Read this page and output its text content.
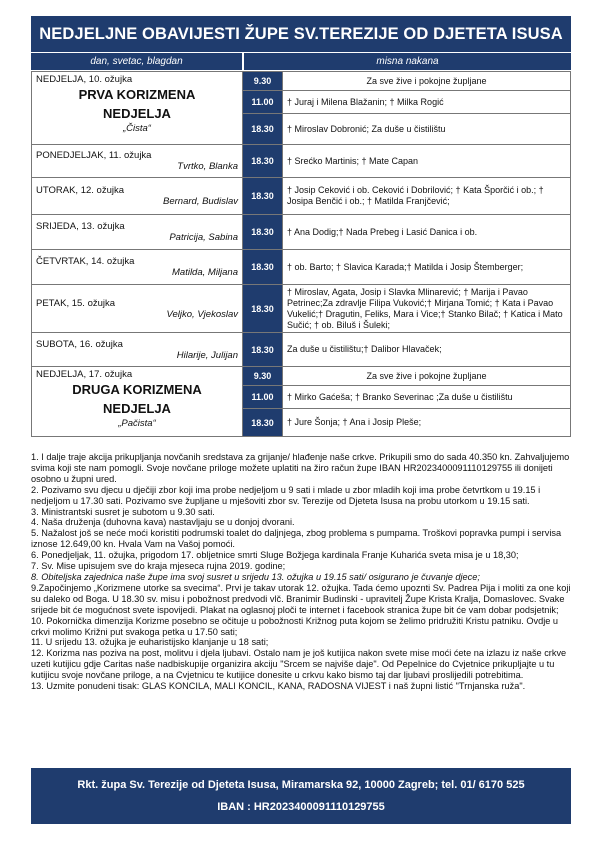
NEDJELJNE OBAVIJESTI ŽUPE SV.TEREZIJE OD DJETETA ISUSA
dan, svetac, blagdan	misna nakana
NEDJELJA, 10. ožujka
PRVA KORIZMENA NEDJELJA
„Čista“	9.30	Za sve žive i pokojne župljane
	11.00	† Juraj i Milena Blažanin; † Milka Rogić
	18.30	† Miroslav Dobronić; Za duše u čistilištu

PONEDJELJAK, 11. ožujka
Tvrtko, Blanka	18.30	† Srećko Martinis; † Mate Capan

UTORAK, 12. ožujka
Bernard, Budislav	18.30	† Josip Ceković i ob. Ceković i Dobrilović; † Kata Šporčić i ob.; † Josipa Benčić i ob.; † Matilda Franjčević;

SRIJEDA, 13. ožujka
Patricija, Sabina	18.30	† Ana Dodig;† Nada Prebeg i Lasić Danica i ob.

ČETVRTAK, 14. ožujka
Matilda, Miljana	18.30	† ob. Barto; † Slavica Karada;† Matilda i Josip Štemberger;

PETAK, 15. ožujka
Veljko, Vjekoslav	18.30	† Miroslav, Agata, Josip i Slavka Mlinarević; † Marija i Pavao Petrinec;Za zdravlje Filipa Vuković;† Mirjana Tomić; † Kata i Pavao Vukelić;† Dragutin, Feliks, Mara i Vice;† Stanko Bilač; † Katica i Mato Sučić; † ob. Biluš i Šuleki;

SUBOTA, 16. ožujka
Hilarije, Julijan	18.30	Za duše u čistilištu;† Dalibor Hlavaček;

NEDJELJA, 17. ožujka
DRUGA KORIZMENA NEDJELJA
„Pačista“	9.30	Za sve žive i pokojne župljane
	11.00	† Mirko Gaćeša; † Branko Severinac ;Za duše u čistilištu
	18.30	† Jure Šonja; † Ana i Josip Pleše;

1. I dalje traje akcija prikupljanja novčanih sredstava za grijanje/ hlađenje naše crkve. Prikupili smo do sada 40.350 kn. Zahvaljujemo svima koji ste nam pomogli. Svoje novčane priloge možete uplatiti na žiro račun župe IBAN HR2023400091110129755 ili donijeti osobno u župni ured.

2. Pozivamo svu djecu u dječiji zbor koji ima probe nedjeljom u 9 sati i mlade u zbor mladih koji ima probe četvrtkom u 19.15 i nedjeljom u 17.30 sati. Pozivamo sve župljane u mješoviti zbor sv. Terezije od Djeteta Isusa na probu utorkom u 19.15 sati.

3. Ministrantski susret je subotom u 9.30 sati.

4. Naša druženja (duhovna kava) nastavljaju se u donjoj dvorani.

5. Nažalost još se neće moći koristiti podrumski toalet do daljnjega, zbog problema s pumpama. Troškovi popravka pumpi i servisa iznose 12.649,00 kn. Hvala Vam na Vašoj pomoći.

6. Ponedjeljak, 11. ožujka, prigodom 17. obljetnice smrti Sluge Božjega kardinala Franje Kuharića sveta misa je u 18,30;

7. Sv. Mise upisujem sve do kraja mjeseca rujna 2019. godine;

8. Obiteljska zajednica naše župe ima svoj susret u srijedu 13. ožujka u 19.15 sati/ osigurano je čuvanje djece;

9.Započinjemo „Korizmene utorke sa svecima“. Prvi je takav utorak 12. ožujka. Tada ćemo upoznti Sv. Padrea Pija i moliti za one koji su daleko od Boga. U 18.30 sv. misu i pobožnost predvodi vlč. Branimir Budinski - upravitelj Župe Krista Kralja, Domaslovec. Svake srijede bit će mogućnost svete ispovijedi. Plakat na oglasnoj ploči te internet i facebook stranica župe bit će vam dobar podsjetnik;

10. Pokornička dimenzija Korizme posebno se očituje u pobožnosti Križnog puta kojom se želimo pridružiti Kristu patniku. Ovdje u crkvi molimo Križni put svakoga petka u 17.50 sati;

11. U srijedu 13. ožujka je euharistijsko klanjanje u 18 sati;

12. Korizma nas poziva na post, molitvu i djela ljubavi. Ostalo nam je još kutijica nakon svete mise moći ćete na izlazu iz naše crkve uzeti kutijicu gdje Caritas naše nadbiskupije organizira akciju "Srcem se najviše daje". Od Pepelnice do Cvjetnice prikupljajte u tu kutijicu svoje novčane priloge, a na Cvjetnicu te kutijice donesite u crkvu kako bismo taj dar ljubavi proslijedili potrebitima.

13. Uzmite ponudeni tisak: GLAS KONCILA, MALI KONCIL, KANA, RADOSNA VIJEST i naš župni listić "Trnjanska ruža".

Rkt. župa Sv. Terezije od Djeteta Isusa, Miramarska 92, 10000 Zagreb; tel. 01/ 6170 525
IBAN : HR2023400091110129755
